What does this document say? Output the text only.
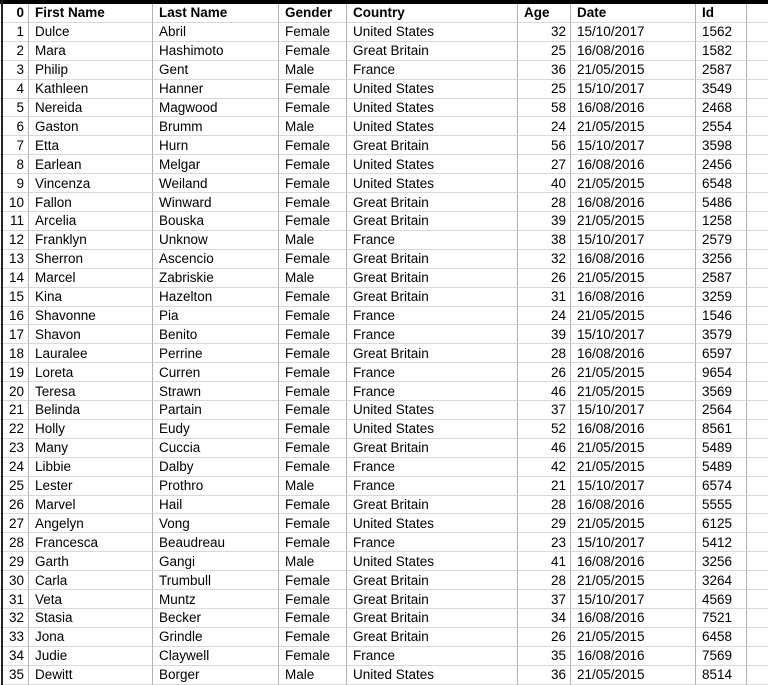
0 First Name	Last Name	Gender	Country	Age	Date	Id
1 Dulce	Abril	Female	United States	32 15/10/2017	1562
2 Mara	Hashimoto	Female	Great Britain	25 16/08/2016	1582
3 Philip	Gent	Male	France	36 21/05/2015	2587
4 Kathleen	Hanner	Female	United States	25 15/10/2017	3549
5 Nereida	Magwood	Female	United States	58 16/08/2016	2468
6 Gaston	Brumm	Male	United States	24 21/05/2015	2554
7 Etta	Hurn	Female	Great Britain	56 15/10/2017	3598
8 Earlean	Melgar	Female	United States	27 16/08/2016	2456
9 Vincenza	Weiland	Female	United States	40 21/05/2015	6548
10 Fallon	Winward	Female	Great Britain	28 16/08/2016	5486
11 Arcelia	Bouska	Female	Great Britain	39 21/05/2015	1258
12 Franklyn	Unknow	Male	France	38 15/10/2017	2579
13 Sherron	Ascencio	Female	Great Britain	32 16/08/2016	3256
14 Marcel	Zabriskie	Male	Great Britain	26 21/05/2015	2587
15 Kina	Hazelton	Female	Great Britain	31 16/08/2016	3259
16 Shavonne	Pia	Female	France	24 21/05/2015	1546
17 Shavon	Benito	Female	France	39 15/10/2017	3579
18 Lauralee	Perrine	Female	Great Britain	28 16/08/2016	6597
19 Loreta	Curren	Female	France	26 21/05/2015	9654
20 Teresa	Strawn	Female	France	46 21/05/2015	3569
21 Belinda	Partain	Female	United States	37 15/10/2017	2564
22 Holly	Eudy	Female	United States	52 16/08/2016	8561
23 Many	Cuccia	Female	Great Britain	46 21/05/2015	5489
24 Libbie	Dalby	Female	France	42 21/05/2015	5489
25 Lester	Prothro	Male	France	21 15/10/2017	6574
26 Marvel	Hail	Female	Great Britain	28 16/08/2016	5555
27 Angelyn	Vong	Female	United States	29 21/05/2015	6125
28 Francesca	Beaudreau	Female	France	23 15/10/2017	5412
29 Garth	Gangi	Male	United States	41 16/08/2016	3256
30 Carla	Trumbull	Female	Great Britain	28 21/05/2015	3264
31 Veta	Muntz	Female	Great Britain	37 15/10/2017	4569
32 Stasia	Becker	Female	Great Britain	34 16/08/2016	7521
33 Jona	Grindle	Female	Great Britain	26 21/05/2015	6458
34 Judie	Claywell	Female	France	35 16/08/2016	7569
35 Dewitt	Borger	Male	United States	36 21/05/2015	8514
